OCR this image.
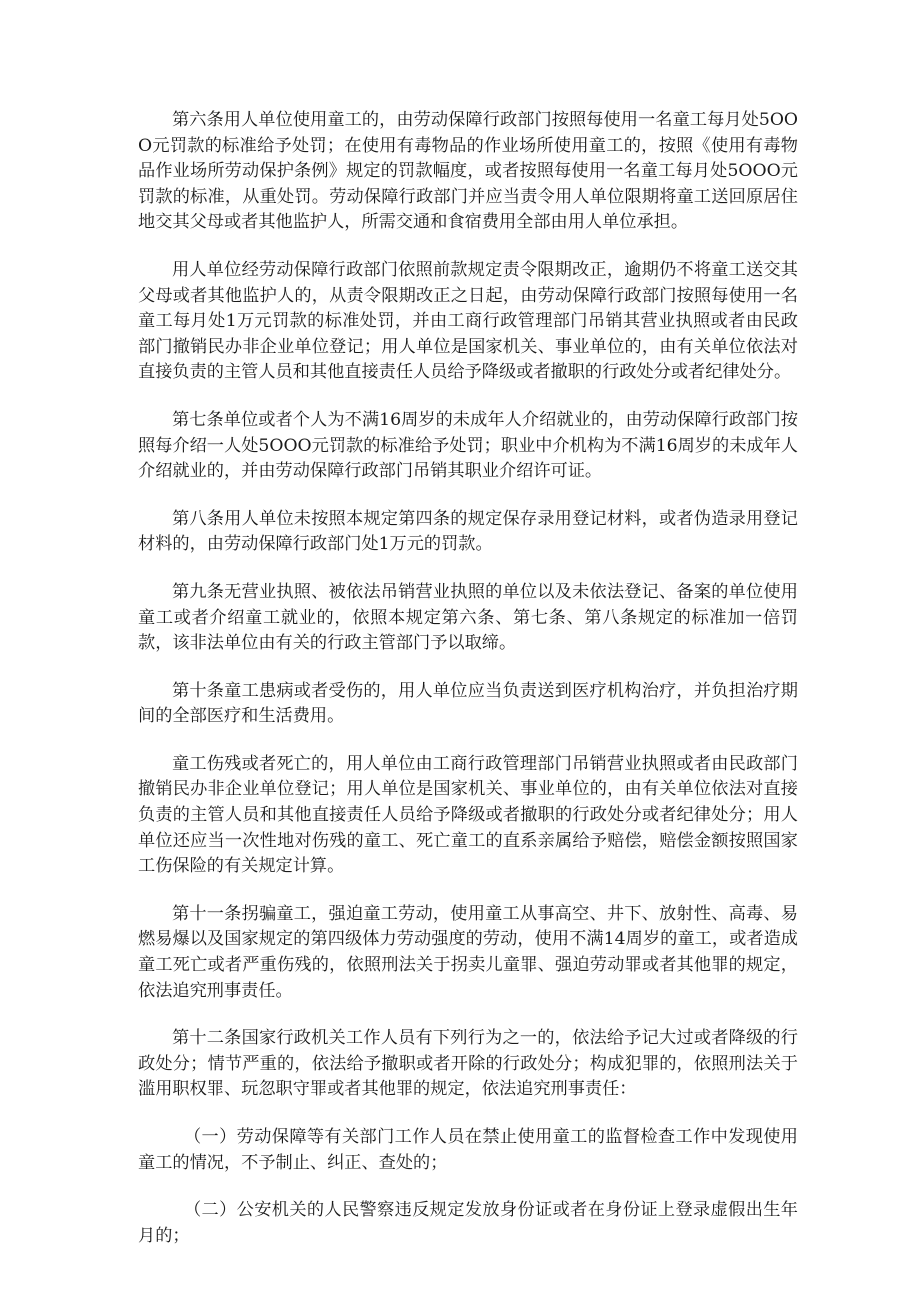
第六条用人单位使用童工的，由劳动保障行政部门按照每使用一名童工每月处5OOO元罚款的标准给予处罚；在使用有毒物品的作业场所使用童工的，按照《使用有毒物品作业场所劳动保护条例》规定的罚款幅度，或者按照每使用一名童工每月处5OOO元罚款的标准，从重处罚。劳动保障行政部门并应当责令用人单位限期将童工送回原居住地交其父母或者其他监护人，所需交通和食宿费用全部由用人单位承担。

用人单位经劳动保障行政部门依照前款规定责令限期改正，逾期仍不将童工送交其父母或者其他监护人的，从责令限期改正之日起，由劳动保障行政部门按照每使用一名童工每月处1万元罚款的标准处罚，并由工商行政管理部门吊销其营业执照或者由民政部门撤销民办非企业单位登记；用人单位是国家机关、事业单位的，由有关单位依法对直接负责的主管人员和其他直接责任人员给予降级或者撤职的行政处分或者纪律处分。

第七条单位或者个人为不满16周岁的未成年人介绍就业的，由劳动保障行政部门按照每介绍一人处5OOO元罚款的标准给予处罚；职业中介机构为不满16周岁的未成年人介绍就业的，并由劳动保障行政部门吊销其职业介绍许可证。

第八条用人单位未按照本规定第四条的规定保存录用登记材料，或者伪造录用登记材料的，由劳动保障行政部门处1万元的罚款。

第九条无营业执照、被依法吊销营业执照的单位以及未依法登记、备案的单位使用童工或者介绍童工就业的，依照本规定第六条、第七条、第八条规定的标准加一倍罚款，该非法单位由有关的行政主管部门予以取缔。

第十条童工患病或者受伤的，用人单位应当负责送到医疗机构治疗，并负担治疗期间的全部医疗和生活费用。

童工伤残或者死亡的，用人单位由工商行政管理部门吊销营业执照或者由民政部门撤销民办非企业单位登记；用人单位是国家机关、事业单位的，由有关单位依法对直接负责的主管人员和其他直接责任人员给予降级或者撤职的行政处分或者纪律处分；用人单位还应当一次性地对伤残的童工、死亡童工的直系亲属给予赔偿，赔偿金额按照国家工伤保险的有关规定计算。

第十一条拐骗童工，强迫童工劳动，使用童工从事高空、井下、放射性、高毒、易燃易爆以及国家规定的第四级体力劳动强度的劳动，使用不满14周岁的童工，或者造成童工死亡或者严重伤残的，依照刑法关于拐卖儿童罪、强迫劳动罪或者其他罪的规定，依法追究刑事责任。

第十二条国家行政机关工作人员有下列行为之一的，依法给予记大过或者降级的行政处分；情节严重的，依法给予撤职或者开除的行政处分；构成犯罪的，依照刑法关于滥用职权罪、玩忽职守罪或者其他罪的规定，依法追究刑事责任：

（一）劳动保障等有关部门工作人员在禁止使用童工的监督检查工作中发现使用童工的情况，不予制止、纠正、查处的；

（二）公安机关的人民警察违反规定发放身份证或者在身份证上登录虚假出生年月的；
